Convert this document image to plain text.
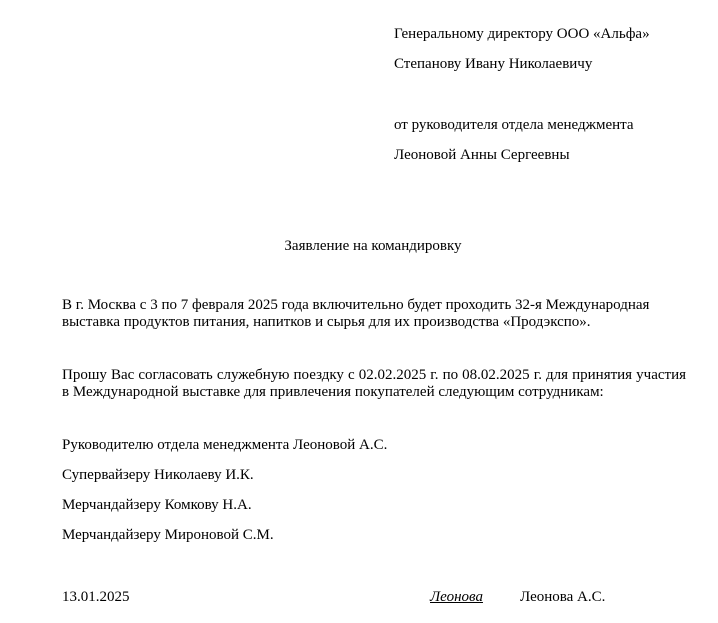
Генеральному директору ООО «Альфа»
Степанову Ивану Николаевичу
от руководителя отдела менеджмента
Леоновой Анны Сергеевны
Заявление на командировку
В г. Москва с 3 по 7 февраля 2025 года включительно будет проходить 32-я Международная выставка продуктов питания, напитков и сырья для их производства «Продэкспо».
Прошу Вас согласовать служебную поездку с 02.02.2025 г. по 08.02.2025 г. для принятия участия в Международной выставке для привлечения покупателей следующим сотрудникам:
Руководителю отдела менеджмента Леоновой А.С.
Супервайзеру Николаеву И.К.
Мерчандайзеру Комкову Н.А.
Мерчандайзеру Мироновой С.М.
13.01.2025	Леонова Леонова А.С.
